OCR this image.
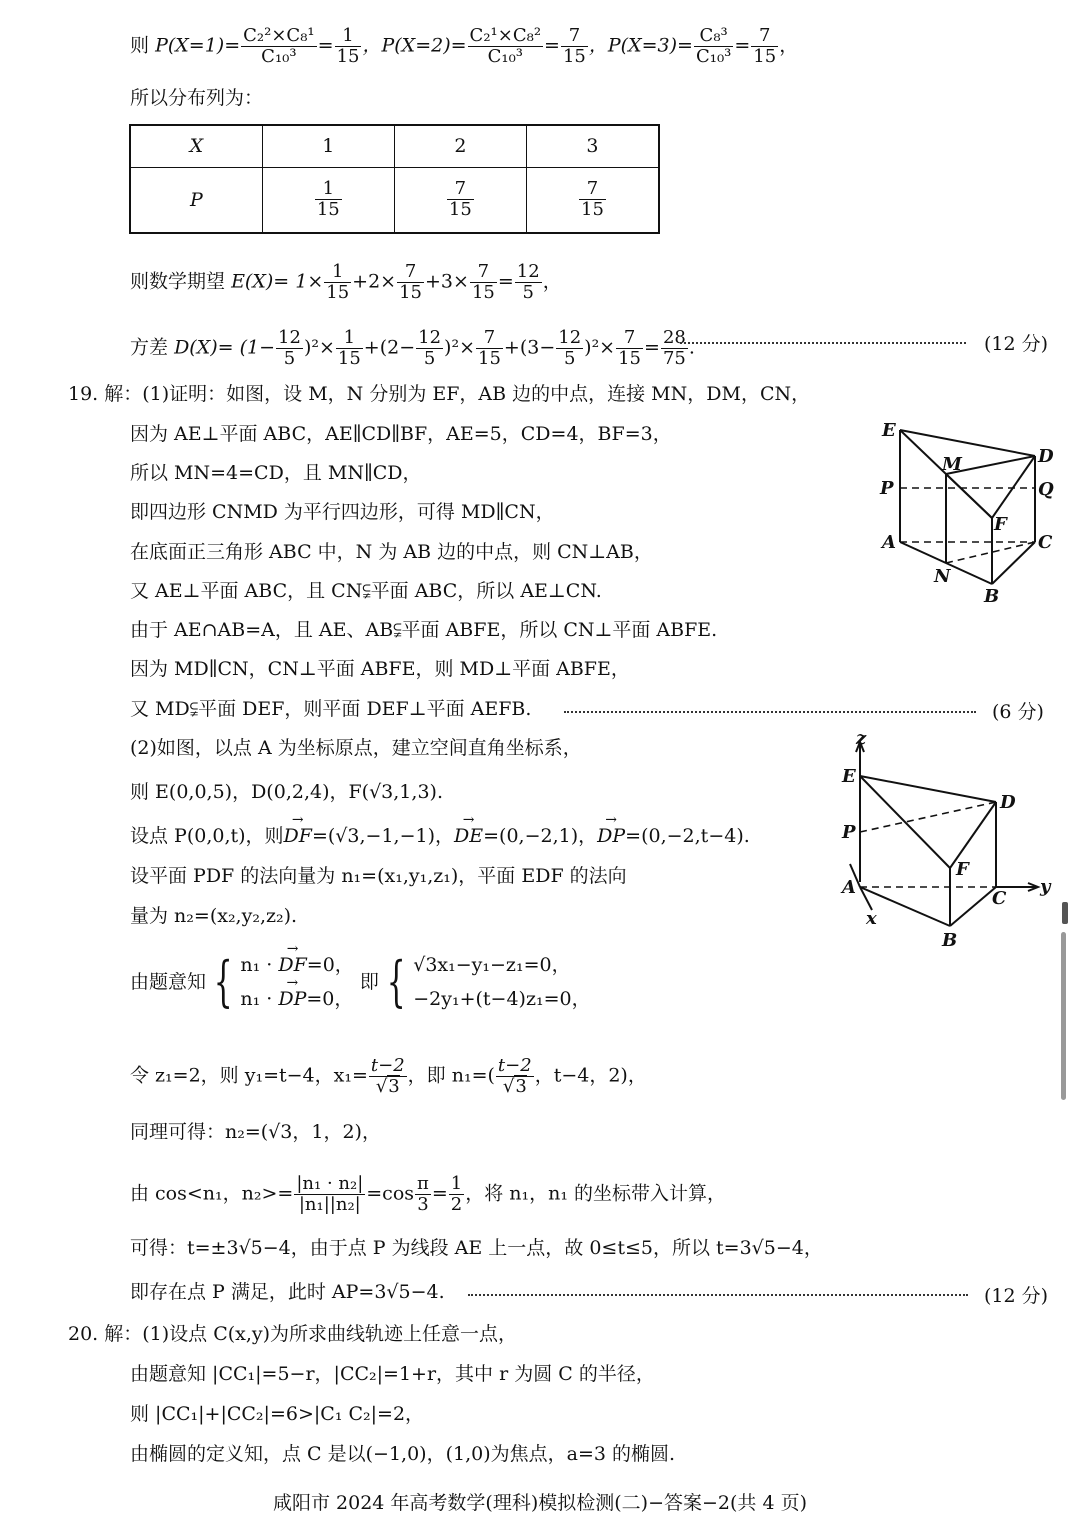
则 $P(X=1)= \frac{\text{C₂²×C₈¹}}{\text{C₁₀³}} = \frac{1}{15}$ ，$P(X=2)= \frac{\text{C₂¹×C₈²}}{\text{C₁₀³}} = \frac{7}{15}$ ，$P(X=3)= \frac{\text{C₈³}}{\text{C₁₀³}} = \frac{7}{15}$ ，
所以分布列为：
X	1	2	3
P	$\frac{1}{15}$	$\frac{7}{15}$	$\frac{7}{15}$
则数学期望 $E(X)= 1\times \frac{1}{15} +2\times \frac{7}{15} +3\times \frac{7}{15} = \frac{12}{5}$ ，
方差 $D(X)= (1- \frac{12}{5} )^2\times \frac{1}{15} +(2- \frac{12}{5} )^2\times \frac{7}{15} +(3- \frac{12}{5} )^2\times \frac{7}{15} = \frac{28}{75}$ .	(12 分)
19. 解：(1)证明：如图，设 M，N 分别为 EF，AB 边的中点，连接 MN，DM，CN，
因为 AE⊥平面 ABC，AE∥CD∥BF，AE=5，CD=4，BF=3，
所以 MN=4=CD，且 MN∥CD，
即四边形 CNMD 为平行四边形，可得 MD∥CN，
在底面正三角形 ABC 中，N 为 AB 边的中点，则 CN⊥AB，
又 AE⊥平面 ABC，且 CN⫋平面 ABC，所以 AE⊥CN.
由于 AE∩AB=A，且 AE、AB⫋平面 ABFE，所以 CN⊥平面 ABFE.
因为 MD∥CN，CN⊥平面 ABFE，则 MD⊥平面 ABFE，
又 MD⫋平面 DEF，则平面 DEF⊥平面 AEFB.	(6 分)
E
M	D
P	Q
F
A	C
N
B
(2)如图，以点 A 为坐标原点，建立空间直角坐标系，
则 E(0,0,5)，D(0,2,4)，F(√3,1,3).
设点 P(0,0,t)，则→ DF=(√3,−1,−1)，→ DE=(0,−2,1)，→ DP=(0,−2,t−4).
设平面 PDF 的法向量为 n₁=(x₁,y₁,z₁)，平面 EDF 的法向
量为 n₂=(x₂,y₂,z₂).
由题意知 { n₁ · → DF=0，
n₁ · → DP=0， 即 { √3x₁−y₁−z₁=0，
−2y₁+(t−4)z₁=0，
令 z₁=2，则 y₁=t−4，$x_1= \frac{t-2}{√3}$ ，即 $n_1=( \frac{t-2}{√3}$ ，t−4，2)，
同理可得：n₂=(√3，1，2)，
由 cos<n₁，$n_2>= \frac{\text{|n₁ · n₂|}}{\text{|n₁||n₂|}} =\cos \frac{\pi}{3} = \frac{1}{2}$ ，将 n₁，n₁ 的坐标带入计算，
可得：t=±3√5−4，由于点 P 为线段 AE 上一点，故 0≤t≤5，所以 t=3√5−4，
即存在点 P 满足，此时 AP=3√5−4.	(12 分)
z
E
D
P
F
A
C
y
x
B
20. 解：(1)设点 C(x,y)为所求曲线轨迹上任意一点，
由题意知 |CC₁|=5−r，|CC₂|=1+r，其中 r 为圆 C 的半径，
则 |CC₁|+|CC₂|=6>|C₁ C₂|=2，
由椭圆的定义知，点 C 是以(−1,0)，(1,0)为焦点，a=3 的椭圆.
咸阳市 2024 年高考数学(理科)模拟检测(二)−答案−2(共 4 页)
